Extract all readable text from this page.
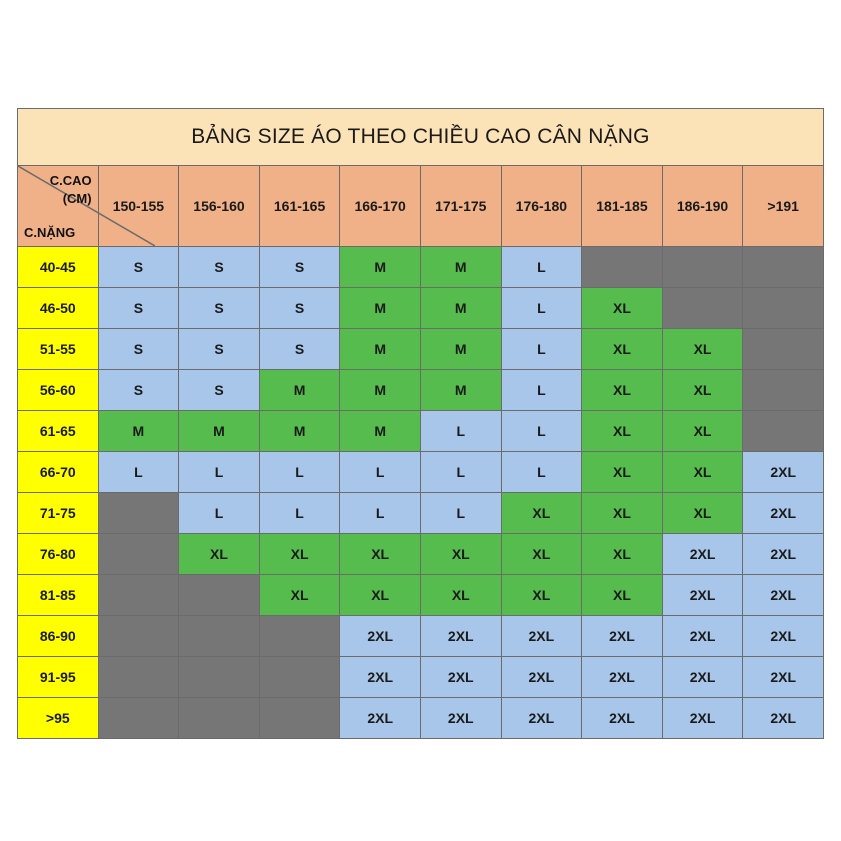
BẢNG SIZE ÁO THEO CHIỀU CAO CÂN NẶNG									

C.CAO
(CM)
C.NẶNG	150-155	156-160	161-165	166-170	171-175	176-180	181-185	186-190	>191
40-45	S	S	S	M	M	L			

46-50	S	S	S	M	M	L	XL		

51-55	S	S	S	M	M	L	XL	XL	

56-60	S	S	M	M	M	L	XL	XL	

61-65	M	M	M	M	L	L	XL	XL	

66-70	L	L	L	L	L	L	XL	XL	2XL

71-75		L	L	L	L	XL	XL	XL	2XL

76-80		XL	XL	XL	XL	XL	XL	2XL	2XL

81-85			XL	XL	XL	XL	XL	2XL	2XL

86-90				2XL	2XL	2XL	2XL	2XL	2XL

91-95				2XL	2XL	2XL	2XL	2XL	2XL

>95				2XL	2XL	2XL	2XL	2XL	2XL
